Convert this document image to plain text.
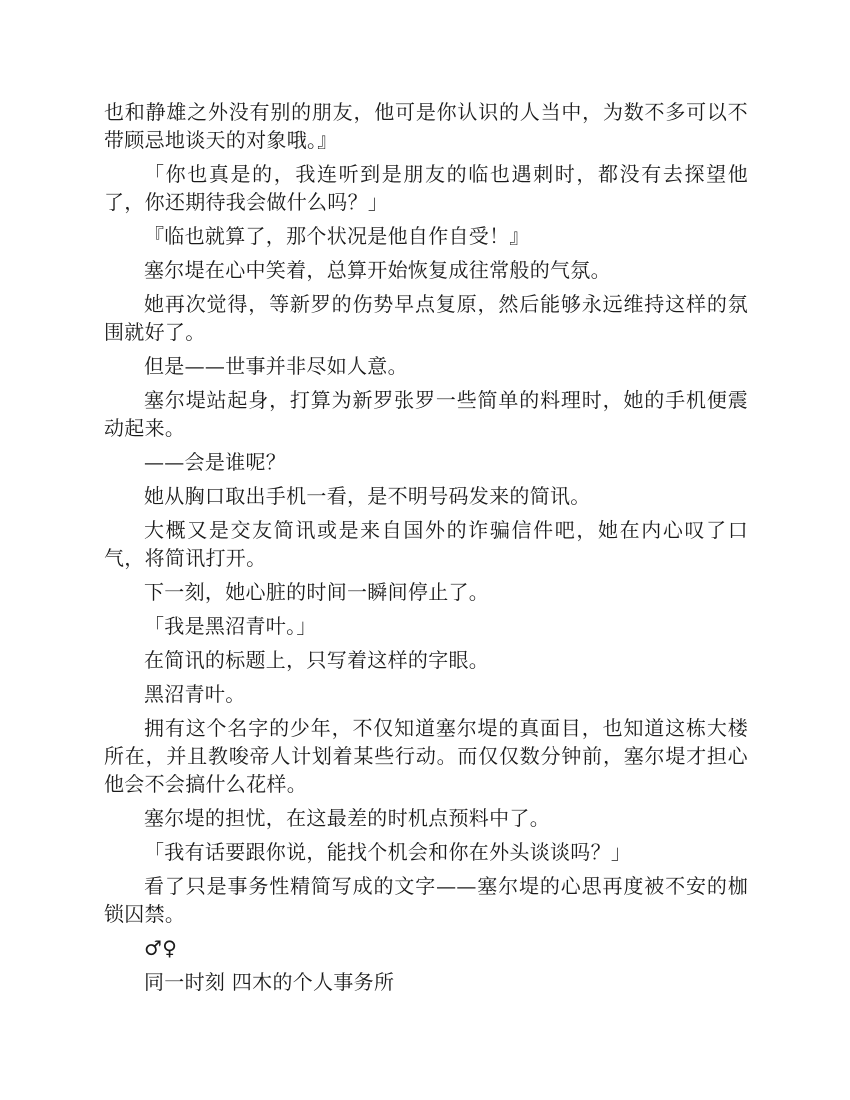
也和静雄之外没有别的朋友，他可是你认识的人当中，为数不多可以不带顾忌地谈天的对象哦。』

「你也真是的，我连听到是朋友的临也遇刺时，都没有去探望他了，你还期待我会做什么吗？」

『临也就算了，那个状况是他自作自受！』

塞尔堤在心中笑着，总算开始恢复成往常般的气氛。

她再次觉得，等新罗的伤势早点复原，然后能够永远维持这样的氛围就好了。

但是——世事并非尽如人意。

塞尔堤站起身，打算为新罗张罗一些简单的料理时，她的手机便震动起来。

——会是谁呢？

她从胸口取出手机一看，是不明号码发来的简讯。

大概又是交友简讯或是来自国外的诈骗信件吧，她在内心叹了口气，将简讯打开。

下一刻，她心脏的时间一瞬间停止了。

「我是黑沼青叶。」

在简讯的标题上，只写着这样的字眼。

黑沼青叶。

拥有这个名字的少年，不仅知道塞尔堤的真面目，也知道这栋大楼所在，并且教唆帝人计划着某些行动。而仅仅数分钟前，塞尔堤才担心他会不会搞什么花样。

塞尔堤的担忧，在这最差的时机点预料中了。

「我有话要跟你说，能找个机会和你在外头谈谈吗？」

看了只是事务性精简写成的文字——塞尔堤的心思再度被不安的枷锁囚禁。

♂♀

同一时刻 四木的个人事务所
